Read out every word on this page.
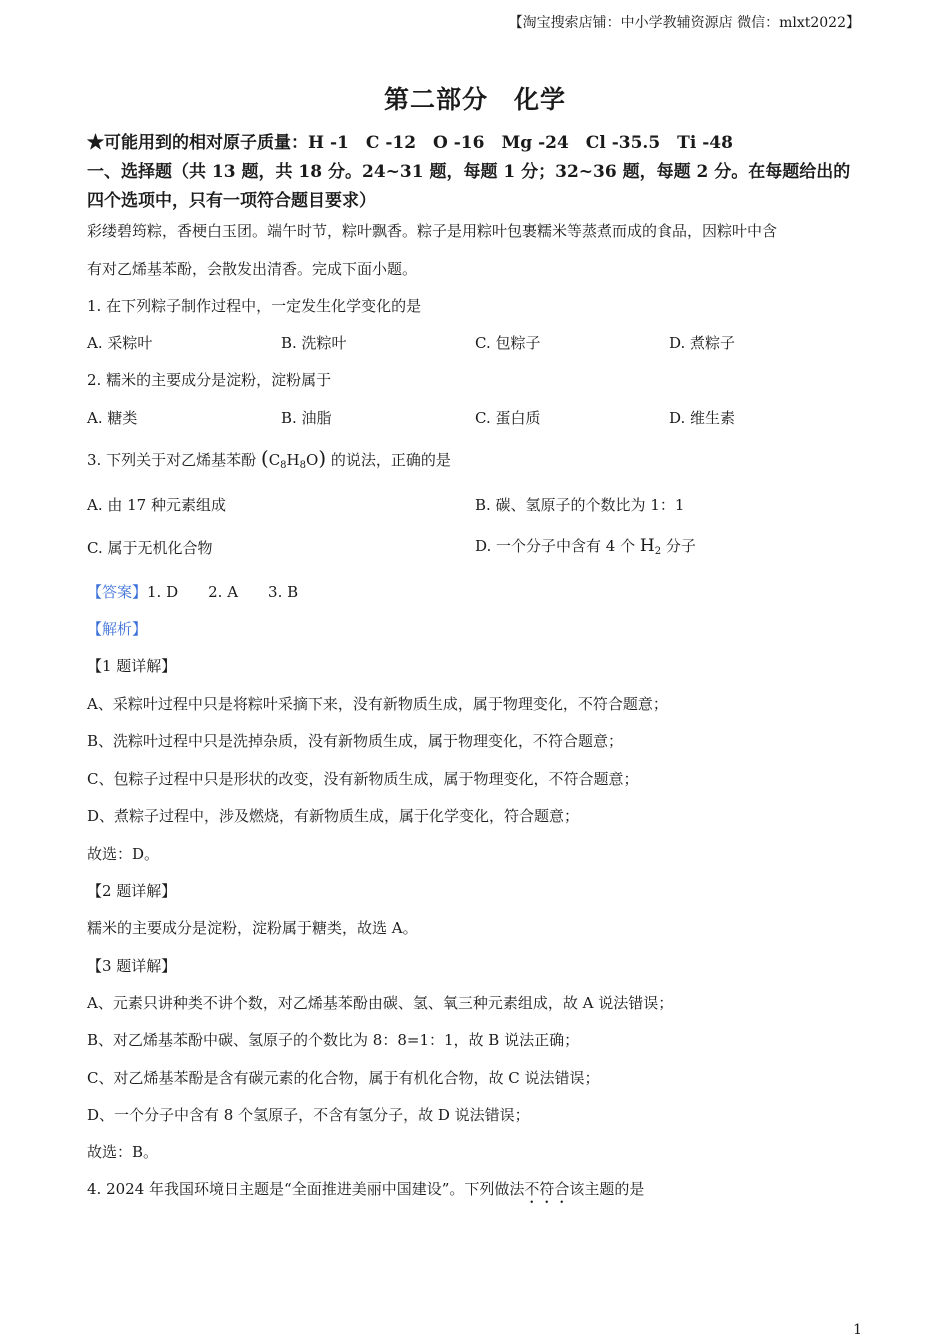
【淘宝搜索店铺：中小学教辅资源店 微信：mlxt2022】
第二部分　化学
★可能用到的相对原子质量：H -1　C -12　O -16　Mg -24　Cl -35.5　Ti -48
一、选择题（共 13 题，共 18 分。24~31 题，每题 1 分；32~36 题，每题 2 分。在每题给出的
四个选项中，只有一项符合题目要求）
彩缕碧筠粽，香梗白玉团。端午时节，粽叶飘香。粽子是用粽叶包裹糯米等蒸煮而成的食品，因粽叶中含
有对乙烯基苯酚，会散发出清香。完成下面小题。
1. 在下列粽子制作过程中，一定发生化学变化的是
A. 采粽叶	B. 洗粽叶	C. 包粽子	D. 煮粽子
2. 糯米的主要成分是淀粉，淀粉属于
A. 糖类	B. 油脂	C. 蛋白质	D. 维生素
3. 下列关于对乙烯基苯酚 $(C_8H_8O)$ 的说法，正确的是
A. 由 17 种元素组成	B. 碳、氢原子的个数比为 1：1
C. 属于无机化合物	D. 一个分子中含有 4 个 $H_2$ 分子
【答案】1. D　　2. A　　3. B
【解析】
【1 题详解】
A、采粽叶过程中只是将粽叶采摘下来，没有新物质生成，属于物理变化，不符合题意；
B、洗粽叶过程中只是洗掉杂质，没有新物质生成，属于物理变化，不符合题意；
C、包粽子过程中只是形状的改变，没有新物质生成，属于物理变化，不符合题意；
D、煮粽子过程中，涉及燃烧，有新物质生成，属于化学变化，符合题意；
故选：D。
【2 题详解】
糯米的主要成分是淀粉，淀粉属于糖类，故选 A。
【3 题详解】
A、元素只讲种类不讲个数，对乙烯基苯酚由碳、氢、氧三种元素组成，故 A 说法错误；
B、对乙烯基苯酚中碳、氢原子的个数比为 8：8=1：1，故 B 说法正确；
C、对乙烯基苯酚是含有碳元素的化合物，属于有机化合物，故 C 说法错误；
D、一个分子中含有 8 个氢原子，不含有氢分子，故 D 说法错误；
故选：B。
4. 2024 年我国环境日主题是“全面推进美丽中国建设”。下列做法不符合该主题的是
1
